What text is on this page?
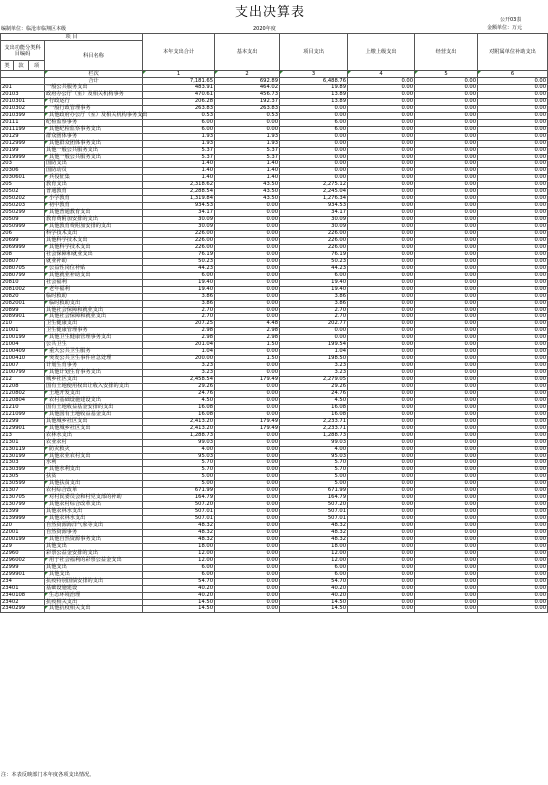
支出决算表	公开03表
编制单位：临沧市临翔区本级	2020年度	金额单位：万元
项 目				本年支出合计	基本支出	项目支出	上缴上级支出	经营支出	对附属单位补助支出
支出功能分类科目编码			科目名称						
类	款	项							
			栏次	1	2	3	4	5	6
			合计	7,181.65	692.89	6,488.76	0.00	0.00	0.00
201			一般公共服务支出	483.91	464.02	19.89	0.00	0.00	0.00
20103			政府办公厅（室）及相关机构事务	470.61	456.73	13.89	0.00	0.00	0.00
2010301			行政运行	206.28	192.37	13.89	0.00	0.00	0.00
2010302			一般行政管理事务	263.83	263.83	0.00	0.00	0.00	0.00
2010399			其他政府办公厅（室）及相关机构事务支出	0.53	0.53	0.00	0.00	0.00	0.00
20111			纪检监察事务	6.00	0.00	6.00	0.00	0.00	0.00
2011199			其他纪检监察事务支出	6.00	0.00	6.00	0.00	0.00	0.00
20129			群众团体事务	1.93	1.93	0.00	0.00	0.00	0.00
2012999			其他群众团体事务支出	1.93	1.93	0.00	0.00	0.00	0.00
20199			其他一般公共服务支出	5.37	5.37	0.00	0.00	0.00	0.00
2019999			其他一般公共服务支出	5.37	5.37	0.00	0.00	0.00	0.00
203			国防支出	1.40	1.40	0.00	0.00	0.00	0.00
20306			国防动员	1.40	1.40	0.00	0.00	0.00	0.00
2030601			兵役征集	1.40	1.40	0.00	0.00	0.00	0.00
205			教育支出	2,318.62	43.50	2,275.12	0.00	0.00	0.00
20502			普通教育	2,288.54	43.50	2,245.04	0.00	0.00	0.00
2050202			小学教育	1,319.84	43.50	1,276.34	0.00	0.00	0.00
2050203			初中教育	934.53	0.00	934.53	0.00	0.00	0.00
2050299			其他普通教育支出	34.17	0.00	34.17	0.00	0.00	0.00
20509			教育费附加安排的支出	30.09	0.00	30.09	0.00	0.00	0.00
2050999			其他教育费附加安排的支出	30.09	0.00	30.09	0.00	0.00	0.00
206			科学技术支出	226.00	0.00	226.00	0.00	0.00	0.00
20699			其他科学技术支出	226.00	0.00	226.00	0.00	0.00	0.00
2069999			其他科学技术支出	226.00	0.00	226.00	0.00	0.00	0.00
208			社会保障和就业支出	76.19	0.00	76.19	0.00	0.00	0.00
20807			就业补助	50.23	0.00	50.23	0.00	0.00	0.00
2080705			公益性岗位补贴	44.23	0.00	44.23	0.00	0.00	0.00
2080799			其他就业补助支出	6.00	0.00	6.00	0.00	0.00	0.00
20810			社会福利	19.40	0.00	19.40	0.00	0.00	0.00
2081002			老年福利	19.40	0.00	19.40	0.00	0.00	0.00
20820			临时救助	3.86	0.00	3.86	0.00	0.00	0.00
2082001			临时救助支出	3.86	0.00	3.86	0.00	0.00	0.00
20899			其他社会保障和就业支出	2.70	0.00	2.70	0.00	0.00	0.00
2089901			其他社会保障和就业支出	2.70	0.00	2.70	0.00	0.00	0.00
210			卫生健康支出	207.25	4.48	202.77	0.00	0.00	0.00
21001			卫生健康管理事务	2.98	2.98	0.00	0.00	0.00	0.00
2100199			其他卫生健康管理事务支出	2.98	2.98	0.00	0.00	0.00	0.00
21004			公共卫生	201.04	1.50	199.54	0.00	0.00	0.00
2100409			重大公共卫生服务	1.04	0.00	1.04	0.00	0.00	0.00
2100410			突发公共卫生事件应急处理	200.00	1.50	198.50	0.00	0.00	0.00
21007			计划生育事务	3.23	0.00	3.23	0.00	0.00	0.00
2100799			其他计划生育事务支出	3.23	0.00	3.23	0.00	0.00	0.00
212			城乡社区支出	2,458.54	179.49	2,279.05	0.00	0.00	0.00
21208			国有土地使用权出让收入安排的支出	29.26	0.00	29.26	0.00	0.00	0.00
2120802			土地开发支出	24.76	0.00	24.76	0.00	0.00	0.00
2120804			农村基础设施建设支出	4.50	0.00	4.50	0.00	0.00	0.00
21210			国有土地收益基金安排的支出	16.08	0.00	16.08	0.00	0.00	0.00
2121099			其他国有土地收益基金支出	16.08	0.00	16.08	0.00	0.00	0.00
21299			其他城乡社区支出	2,413.20	179.49	2,233.71	0.00	0.00	0.00
2129901			其他城乡社区支出	2,413.20	179.49	2,233.71	0.00	0.00	0.00
213			农林水支出	1,288.73	0.00	1,288.73	0.00	0.00	0.00
21301			农业农村	99.03	0.00	99.03	0.00	0.00	0.00
2130119			防灾救灾	4.00	0.00	4.00	0.00	0.00	0.00
2130199			其他农业农村支出	95.03	0.00	95.03	0.00	0.00	0.00
21303			水利	5.70	0.00	5.70	0.00	0.00	0.00
2130399			其他水利支出	5.70	0.00	5.70	0.00	0.00	0.00
21305			扶贫	5.00	0.00	5.00	0.00	0.00	0.00
2130599			其他扶贫支出	5.00	0.00	5.00	0.00	0.00	0.00
21307			农村综合改革	671.99	0.00	671.99	0.00	0.00	0.00
2130705			对村民委员会和村党支部的补助	164.79	0.00	164.79	0.00	0.00	0.00
2130799			其他农村综合改革支出	507.20	0.00	507.20	0.00	0.00	0.00
21399			其他农林水支出	507.01	0.00	507.01	0.00	0.00	0.00
2139999			其他农林水支出	507.01	0.00	507.01	0.00	0.00	0.00
220			自然资源海洋气象等支出	48.32	0.00	48.32	0.00	0.00	0.00
22001			自然资源事务	48.32	0.00	48.32	0.00	0.00	0.00
2200199			其他自然资源事务支出	48.32	0.00	48.32	0.00	0.00	0.00
229			其他支出	18.00	0.00	18.00	0.00	0.00	0.00
22960			彩票公益金安排的支出	12.00	0.00	12.00	0.00	0.00	0.00
2296002			用于社会福利的彩票公益金支出	12.00	0.00	12.00	0.00	0.00	0.00
22999			其他支出	6.00	0.00	6.00	0.00	0.00	0.00
2299901			其他支出	6.00	0.00	6.00	0.00	0.00	0.00
234			抗疫特别国债安排的支出	54.70	0.00	54.70	0.00	0.00	0.00
23401			基础设施建设	40.20	0.00	40.20	0.00	0.00	0.00
2340108			生态环境治理	40.20	0.00	40.20	0.00	0.00	0.00
23402			抗疫相关支出	14.50	0.00	14.50	0.00	0.00	0.00
2340299			其他抗疫相关支出	14.50	0.00	14.50	0.00	0.00	0.00
注：本表反映部门本年度各项支出情况。
